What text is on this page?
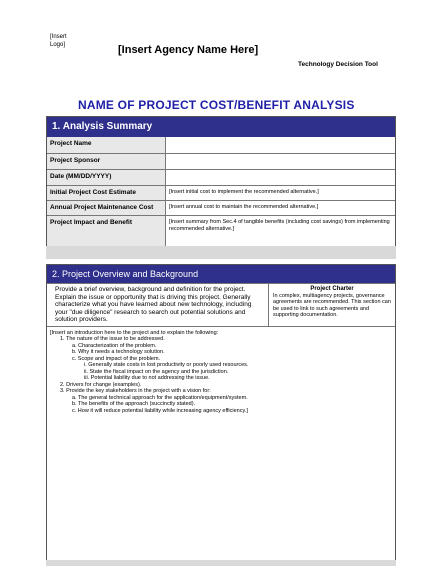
[Insert
Logo]	[Insert Agency Name Here]
Technology Decision Tool
NAME OF PROJECT COST/BENEFIT ANALYSIS
1. Analysis Summary
Project Name
Project Sponsor
Date (MM/DD/YYYY)
Initial Project Cost Estimate	[Insert initial cost to implement the recommended alternative.]
Annual Project Maintenance Cost	[Insert annual cost to maintain the recommended alternative.]
Project Impact and Benefit	[Insert summary from Sec.4 of tangible benefits (including cost savings) from implementing recommended alternative.]
2. Project Overview and Background
Provide a brief overview, background and definition for the project. Explain the issue or opportunity that is driving this project. Generally characterize what you have learned about new technology, including your "due diligence" research to search out potential solutions and solution providers.
Project Charter
In complex, multiagency projects, governance agreements are recommended. This section can be used to link to such agreements and supporting documentation.
[Insert an introduction here to the project and to explain the following:
1. The nature of the issue to be addressed.
a. Characterization of the problem.
b. Why it needs a technology solution.
c. Scope and impact of the problem.
i. Generally state costs in lost productivity or poorly used resources.
ii. State the fiscal impact on the agency and the jurisdiction.
iii. Potential liability due to not addressing the issue.
2. Drivers for change (examples).
3. Provide the key stakeholders in the project with a vision for:
a. The general technical approach for the application/equipment/system.
b. The benefits of the approach (succinctly stated).
c. How it will reduce potential liability while increasing agency efficiency.]
